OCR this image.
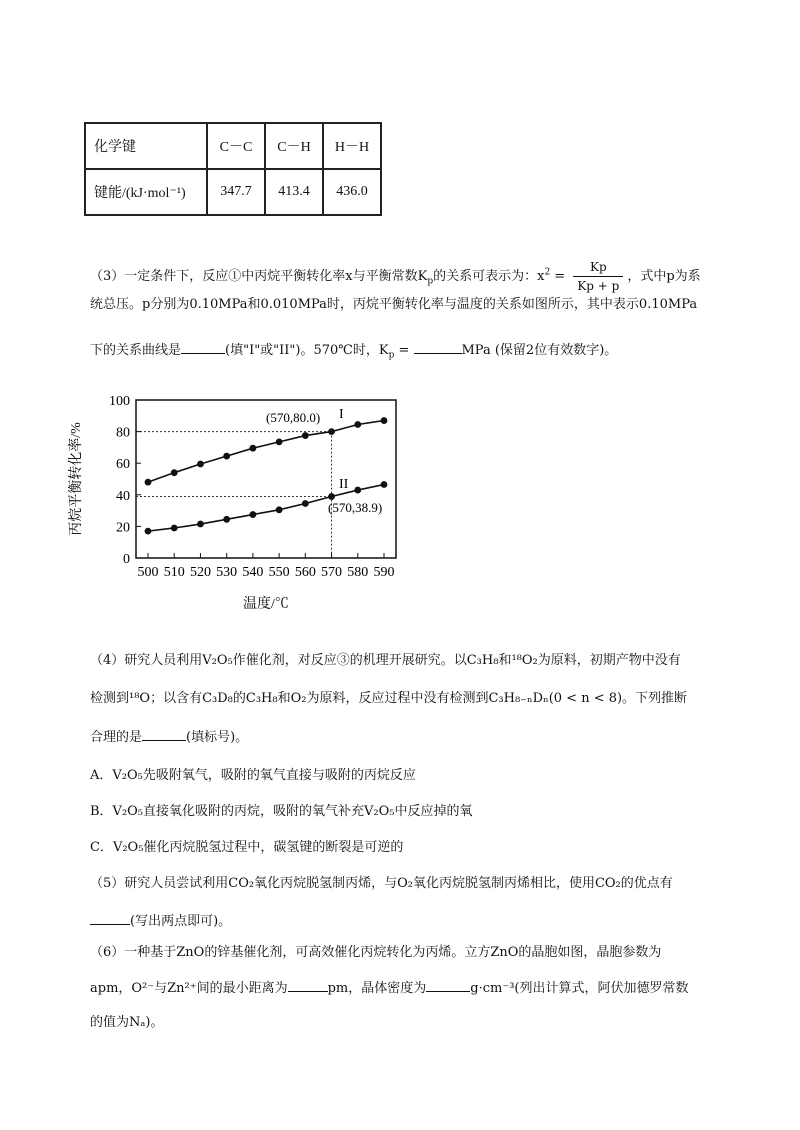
化学键	C－C	C－H	H－H
键能/(kJ·mol⁻¹)	347.7	413.4	436.0
（3）一定条件下，反应①中丙烷平衡转化率x与平衡常数$K_p$的关系可表示为：$x^2 = \frac{Kp}{Kp + p}$ ，式中p为系
统总压。p分别为0.10MPa和0.010MPa时，丙烷平衡转化率与温度的关系如图所示，其中表示0.10MPa
下的关系曲线是	(填"I"或"II")。570℃时，$K_p$ =	MPa (保留2位有效数字)。
0
20
40
60
80
100
500 510 520 530 540 550 560 570 580 590
(570,80.0)
(570,38.9)
I
II
温度/℃
丙烷平衡转化率/%
（4）研究人员利用V₂O₅作催化剂，对反应③的机理开展研究。以C₃H₈和¹⁸O₂为原料，初期产物中没有
检测到¹⁸O；以含有C₃D₈的C₃H₈和O₂为原料，反应过程中没有检测到C₃H₈₋ₙDₙ(0 < n < 8)。下列推断
合理的是	(填标号)。
A．V₂O₅先吸附氧气，吸附的氧气直接与吸附的丙烷反应
B．V₂O₅直接氧化吸附的丙烷，吸附的氧气补充V₂O₅中反应掉的氧
C．V₂O₅催化丙烷脱氢过程中，碳氢键的断裂是可逆的
（5）研究人员尝试利用CO₂氧化丙烷脱氢制丙烯，与O₂氧化丙烷脱氢制丙烯相比，使用CO₂的优点有
(写出两点即可)。
（6）一种基于ZnO的锌基催化剂，可高效催化丙烷转化为丙烯。立方ZnO的晶胞如图，晶胞参数为
apm，O²⁻与Zn²⁺间的最小距离为	pm，晶体密度为	g·cm⁻³(列出计算式，阿伏加德罗常数
的值为Nₐ)。
